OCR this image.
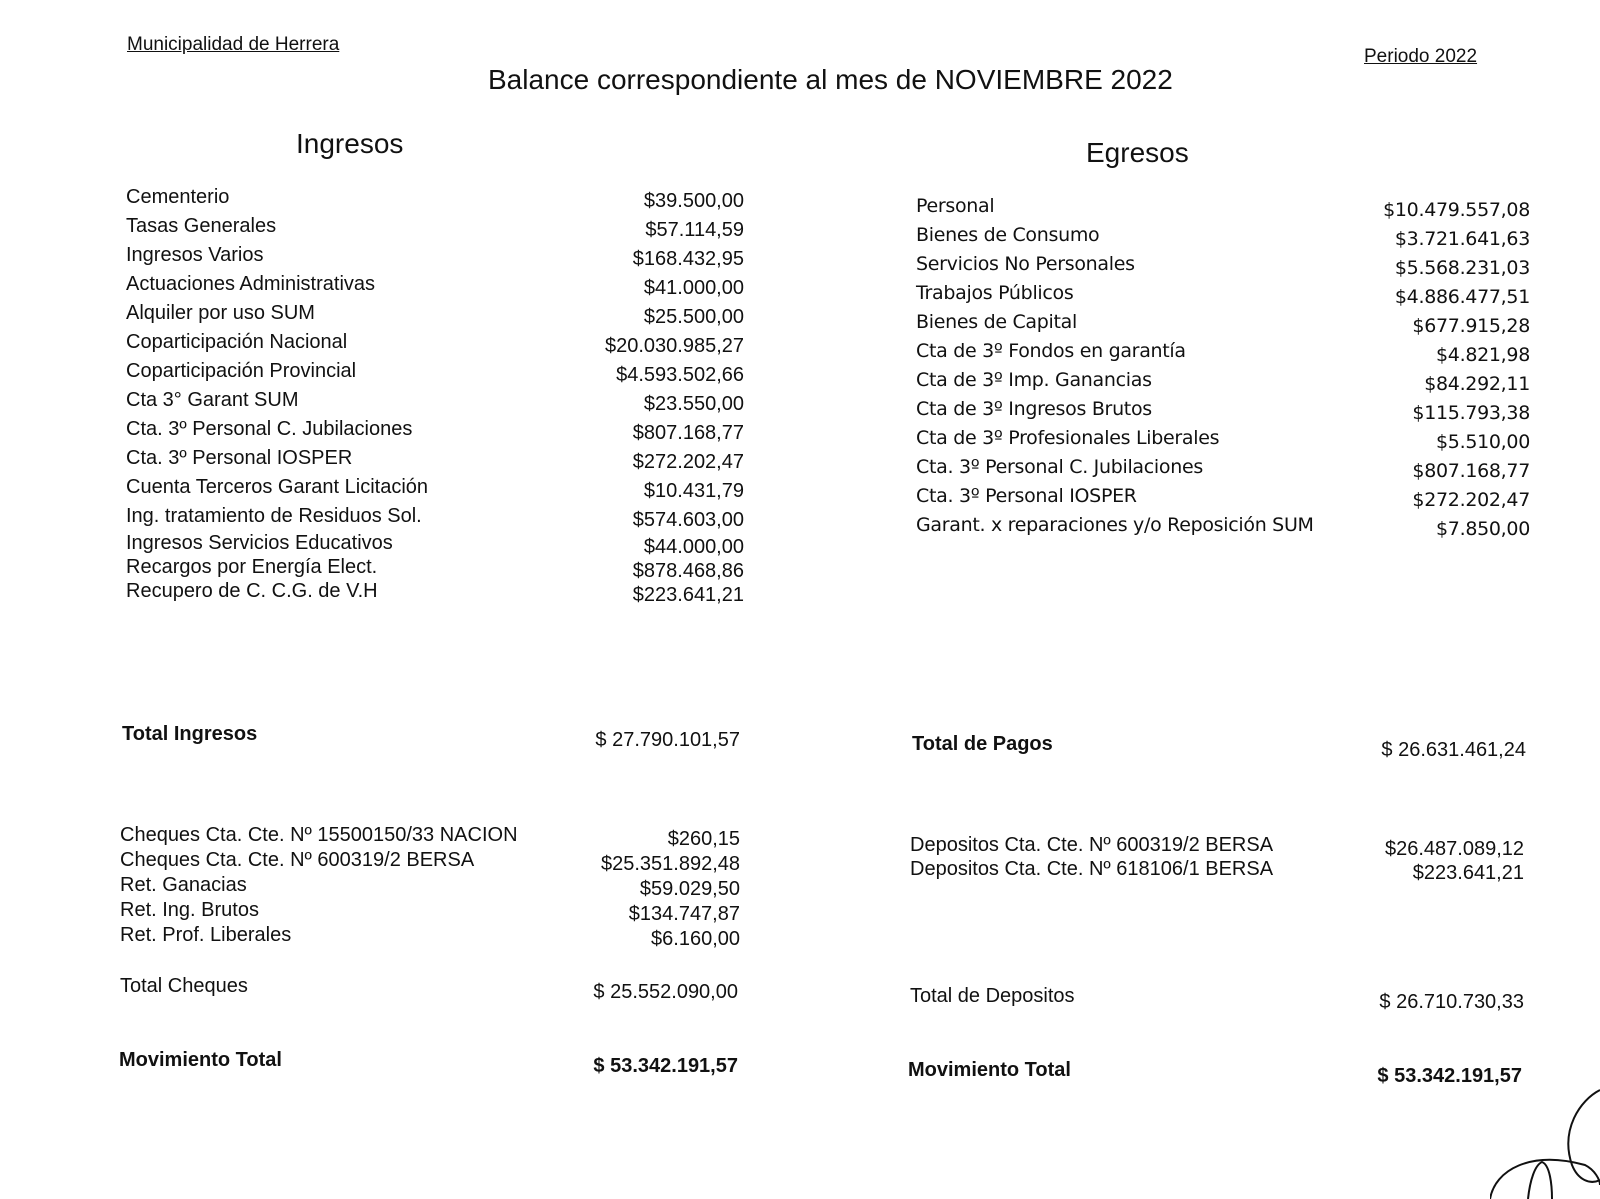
Municipalidad de Herrera
Periodo 2022
Balance correspondiente al mes de NOVIEMBRE 2022
Ingresos	Egresos
Cementerio	$39.500,00
Tasas Generales	$57.114,59
Ingresos Varios	$168.432,95
Actuaciones Administrativas	$41.000,00
Alquiler por uso SUM	$25.500,00
Coparticipación Nacional	$20.030.985,27
Coparticipación Provincial	$4.593.502,66
Cta 3° Garant SUM	$23.550,00
Cta. 3º Personal C. Jubilaciones	$807.168,77
Cta. 3º Personal IOSPER	$272.202,47
Cuenta Terceros Garant Licitación	$10.431,79
Ing. tratamiento de Residuos Sol.	$574.603,00
Ingresos Servicios Educativos	$44.000,00
Recargos por Energía Elect.	$878.468,86
Recupero de C. C.G. de V.H	$223.641,21
Personal	$10.479.557,08
Bienes de Consumo	$3.721.641,63
Servicios No Personales	$5.568.231,03
Trabajos Públicos	$4.886.477,51
Bienes de Capital	$677.915,28
Cta de 3º Fondos en garantía	$4.821,98
Cta de 3º Imp. Ganancias	$84.292,11
Cta de 3º Ingresos Brutos	$115.793,38
Cta de 3º Profesionales Liberales	$5.510,00
Cta. 3º Personal C. Jubilaciones	$807.168,77
Cta. 3º Personal IOSPER	$272.202,47
Garant. x reparaciones y/o Reposición SUM	$7.850,00
Total Ingresos	$ 27.790.101,57	Total de Pagos	$ 26.631.461,24
Cheques Cta. Cte. Nº 15500150/33 NACION	$260,15
Cheques Cta. Cte. Nº 600319/2 BERSA	$25.351.892,48
Ret. Ganacias	$59.029,50
Ret. Ing. Brutos	$134.747,87
Ret. Prof. Liberales	$6.160,00
Depositos Cta. Cte. Nº 600319/2 BERSA	$26.487.089,12
Depositos Cta. Cte. Nº 618106/1 BERSA	$223.641,21
Total Cheques	$ 25.552.090,00	Total de Depositos	$ 26.710.730,33
Movimiento Total	$ 53.342.191,57	Movimiento Total	$ 53.342.191,57
